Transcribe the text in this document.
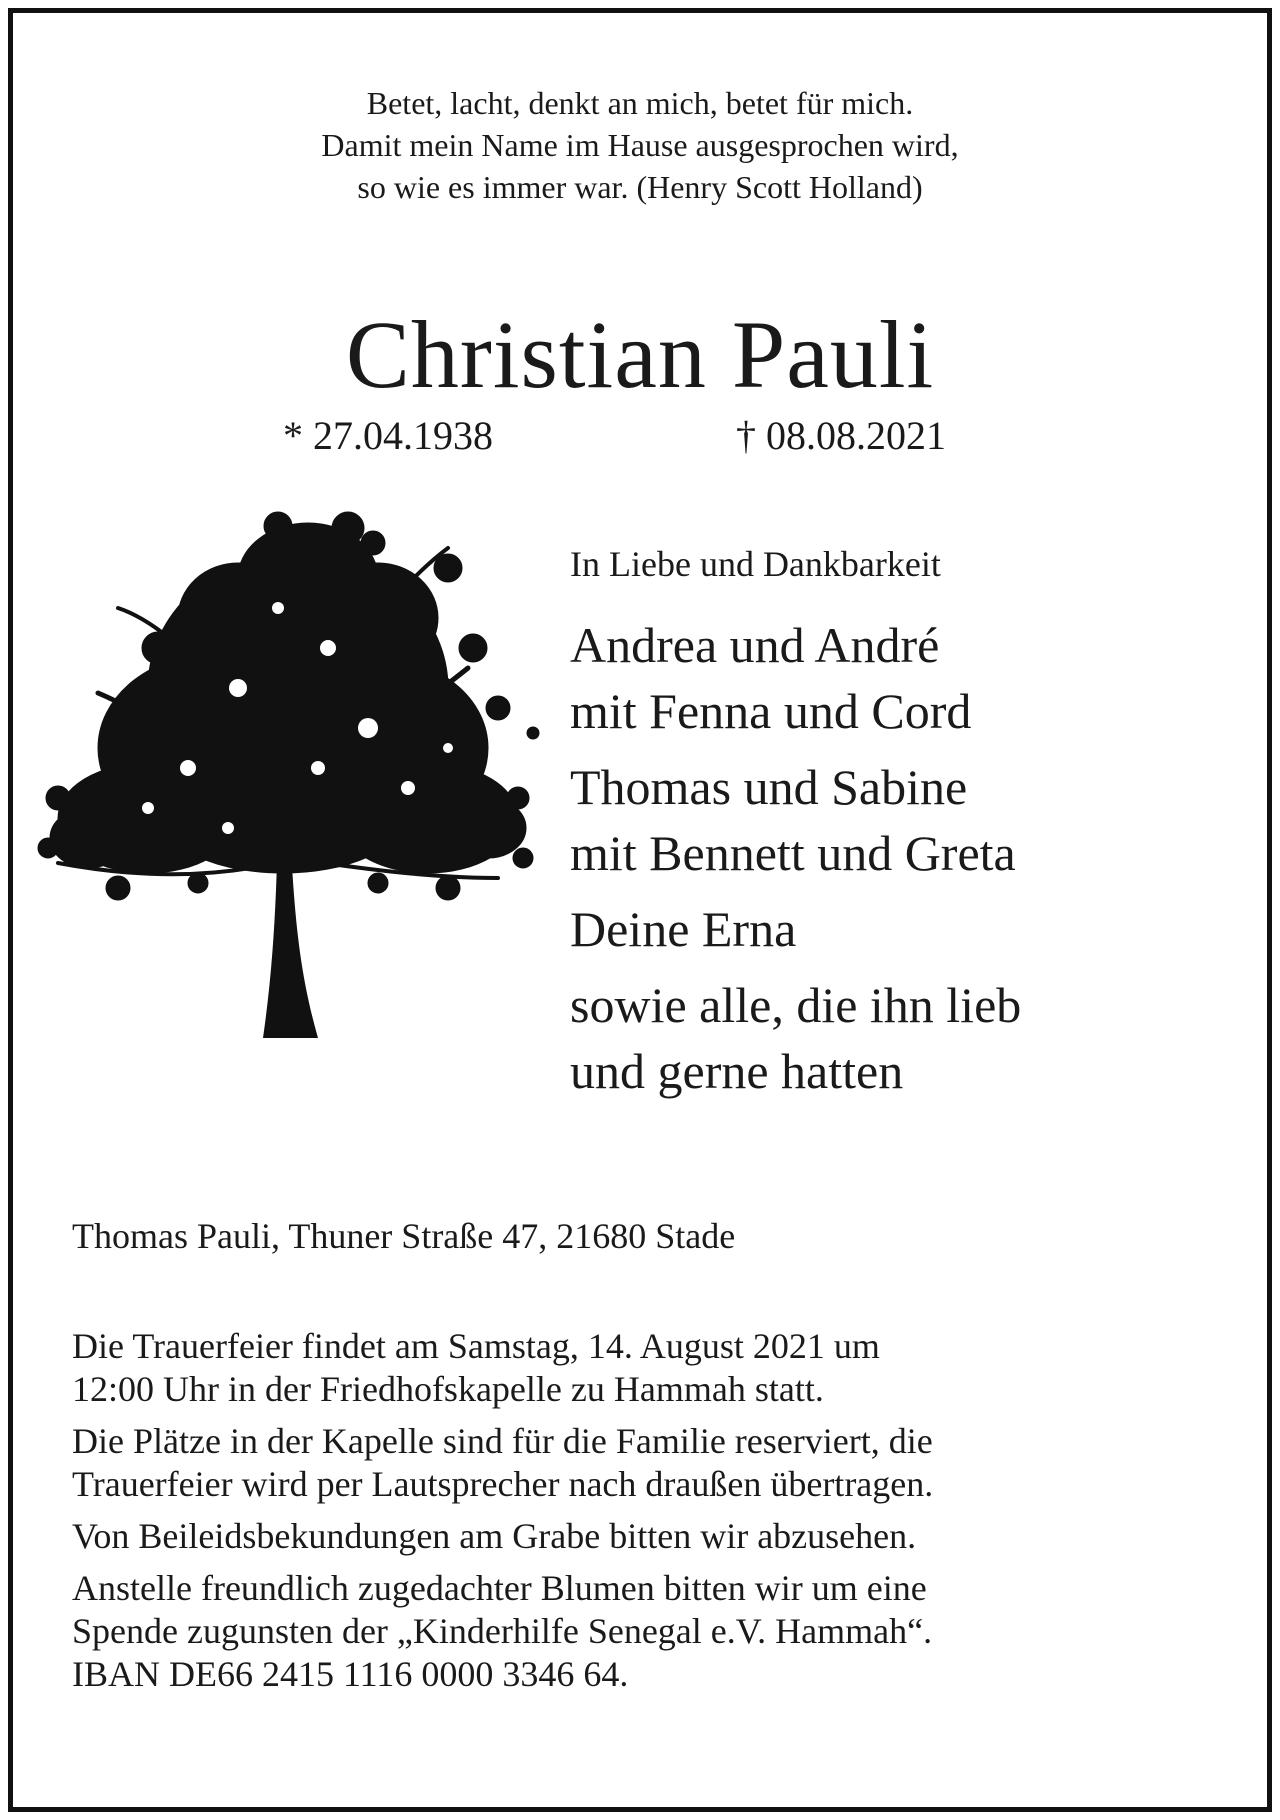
Betet, lacht, denkt an mich, betet für mich.
Damit mein Name im Hause ausgesprochen wird,
so wie es immer war. (Henry Scott Holland)
Christian Pauli
* 27.04.1938	† 08.08.2021
In Liebe und Dankbarkeit
Andrea und André
mit Fenna und Cord
Thomas und Sabine
mit Bennett und Greta
Deine Erna
sowie alle, die ihn lieb
und gerne hatten
Thomas Pauli, Thuner Straße 47, 21680 Stade
Die Trauerfeier findet am Samstag, 14. August 2021 um
12:00 Uhr in der Friedhofskapelle zu Hammah statt.
Die Plätze in der Kapelle sind für die Familie reserviert, die
Trauerfeier wird per Lautsprecher nach draußen übertragen.
Von Beileidsbekundungen am Grabe bitten wir abzusehen.
Anstelle freundlich zugedachter Blumen bitten wir um eine
Spende zugunsten der „Kinderhilfe Senegal e.V. Hammah“.
IBAN DE66 2415 1116 0000 3346 64.
